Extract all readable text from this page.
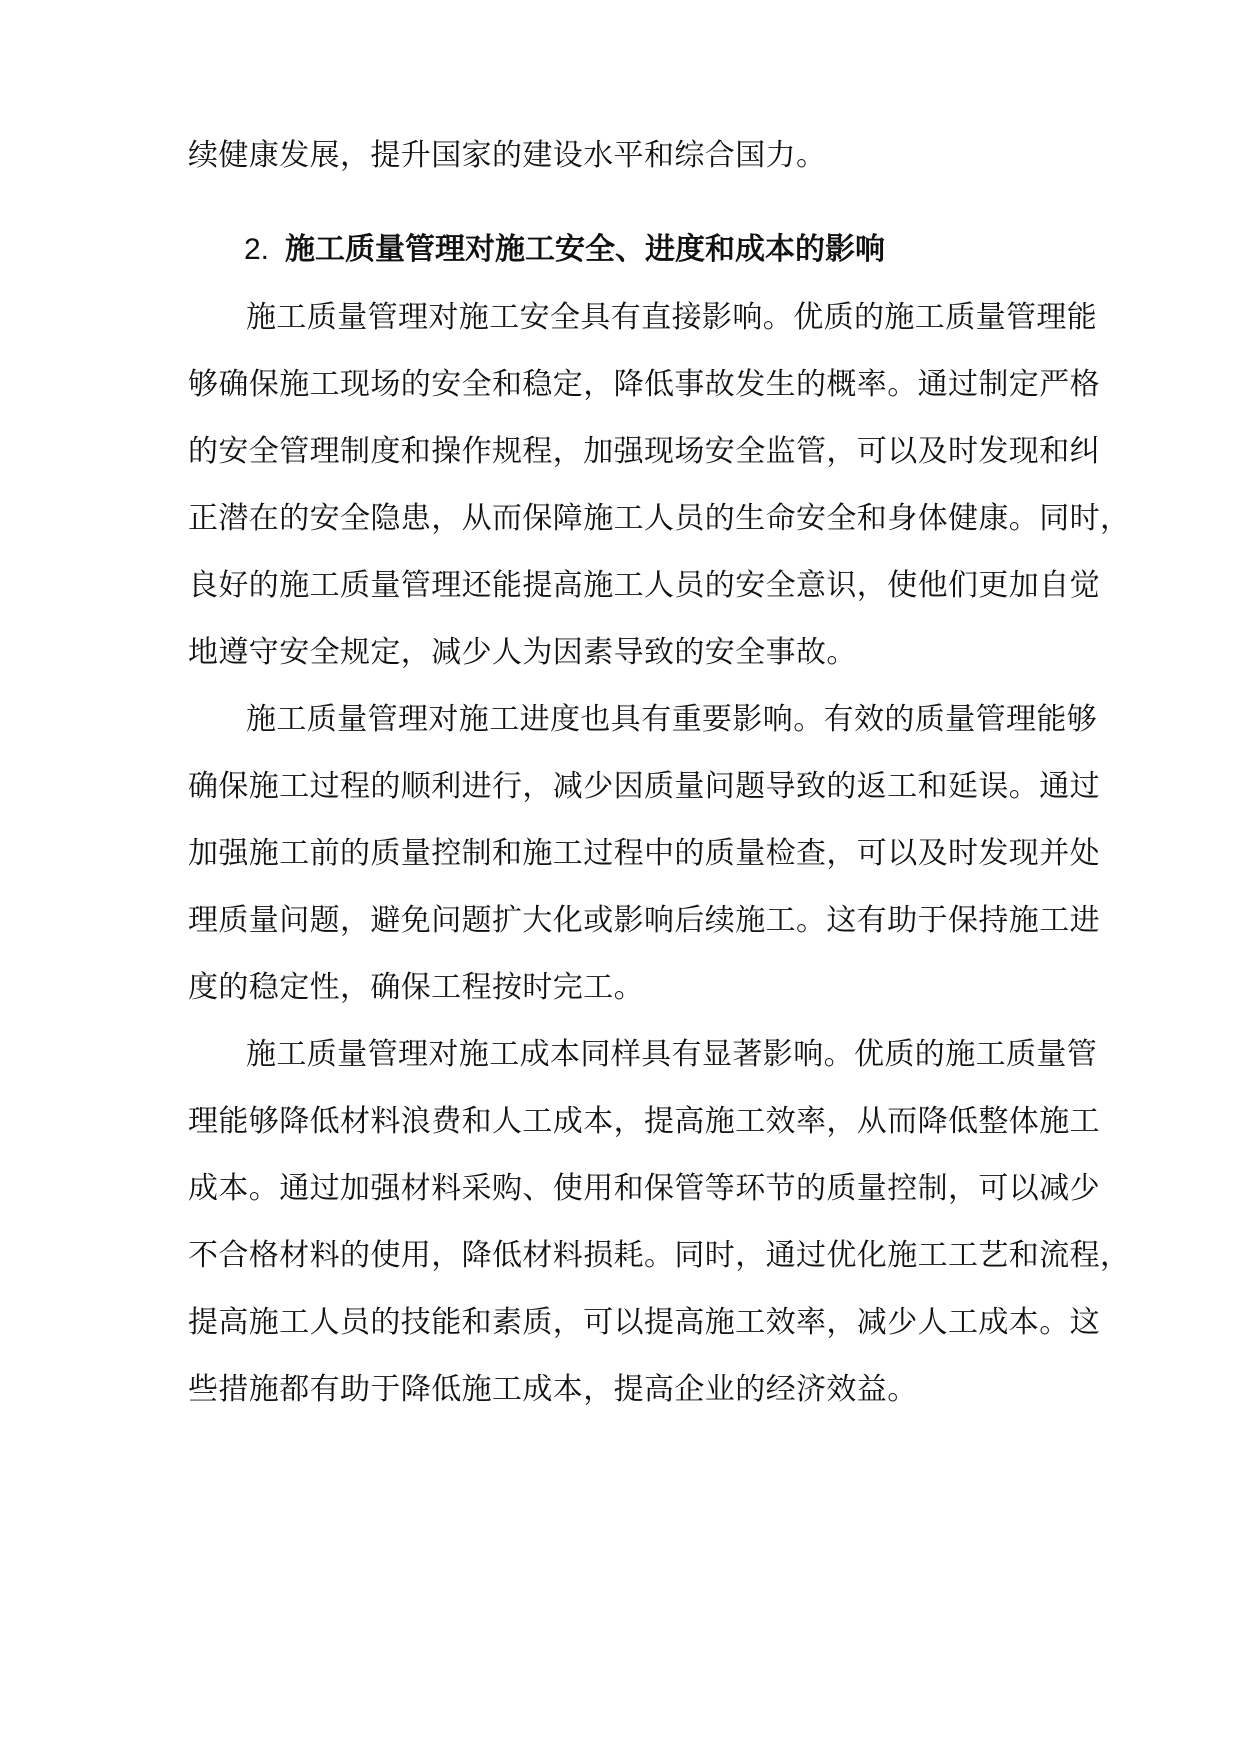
续健康发展，提升国家的建设水平和综合国力。
2. 施工质量管理对施工安全、进度和成本的影响
施工质量管理对施工安全具有直接影响。优质的施工质量管理能
够确保施工现场的安全和稳定，降低事故发生的概率。通过制定严格
的安全管理制度和操作规程，加强现场安全监管，可以及时发现和纠
正潜在的安全隐患，从而保障施工人员的生命安全和身体健康。同时，
良好的施工质量管理还能提高施工人员的安全意识，使他们更加自觉
地遵守安全规定，减少人为因素导致的安全事故。
施工质量管理对施工进度也具有重要影响。有效的质量管理能够
确保施工过程的顺利进行，减少因质量问题导致的返工和延误。通过
加强施工前的质量控制和施工过程中的质量检查，可以及时发现并处
理质量问题，避免问题扩大化或影响后续施工。这有助于保持施工进
度的稳定性，确保工程按时完工。
施工质量管理对施工成本同样具有显著影响。优质的施工质量管
理能够降低材料浪费和人工成本，提高施工效率，从而降低整体施工
成本。通过加强材料采购、使用和保管等环节的质量控制，可以减少
不合格材料的使用，降低材料损耗。同时，通过优化施工工艺和流程，
提高施工人员的技能和素质，可以提高施工效率，减少人工成本。这
些措施都有助于降低施工成本，提高企业的经济效益。
